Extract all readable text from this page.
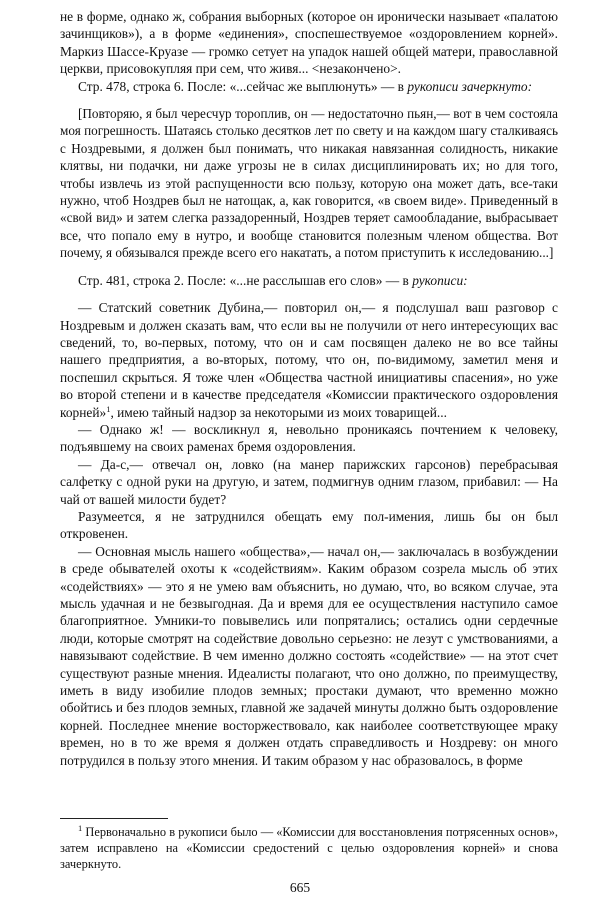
не в форме, однако ж, собрания выборных (которое он иронически называет «палатою зачинщиков»), а в форме «единения», споспешествуемое «оздоровлением корней». Маркиз Шассе-Круазе — громко сетует на упадок нашей общей матери, православной церкви, присовокупляя при сем, что живя... <незакончено>.

Стр. 478, строка 6. После: «...сейчас же выплюнуть» — в рукописи зачеркнуто:

[Повторяю, я был чересчур тороплив, он — недостаточно пьян,— вот в чем состояла моя погрешность. Шатаясь столько десятков лет по свету и на каждом шагу сталкиваясь с Ноздревыми, я должен был понимать, что никакая навязанная солидность, никакие клятвы, ни подачки, ни даже угрозы не в силах дисциплинировать их; но для того, чтобы извлечь из этой распущенности всю пользу, которую она может дать, все-таки нужно, чтоб Ноздрев был не натощак, а, как говорится, «в своем виде». Приведенный в «свой вид» и затем слегка раззадоренный, Ноздрев теряет самообладание, выбрасывает все, что попало ему в нутро, и вообще становится полезным членом общества. Вот почему, я обязывался прежде всего его накатать, а потом приступить к исследованию...]

Стр. 481, строка 2. После: «...не расслышав его слов» — в рукописи:

— Статский советник Дубина,— повторил он,— я подслушал ваш разговор с Ноздревым и должен сказать вам, что если вы не получили от него интересующих вас сведений, то, во-первых, потому, что он и сам посвящен далеко не во все тайны нашего предприятия, а во-вторых, потому, что он, по-видимому, заметил меня и поспешил скрыться. Я тоже член «Общества частной инициативы спасения», но уже во второй степени и в качестве председателя «Комиссии практического оздоровления корней»$^1$, имею тайный надзор за некоторыми из моих товарищей...

— Однако ж! — воскликнул я, невольно проникаясь почтением к человеку, подъявшему на своих раменах бремя оздоровления.

— Да-с,— отвечал он, ловко (на манер парижских гарсонов) перебрасывая салфетку с одной руки на другую, и затем, подмигнув одним глазом, прибавил: — На чай от вашей милости будет?

Разумеется, я не затруднился обещать ему пол-имения, лишь бы он был откровенен.

— Основная мысль нашего «общества»,— начал он,— заключалась в возбуждении в среде обывателей охоты к «содействиям». Каким образом созрела мысль об этих «содействиях» — это я не умею вам объяснить, но думаю, что, во всяком случае, эта мысль удачная и не безвыгодная. Да и время для ее осуществления наступило самое благоприятное. Умники-то повывелись или попрятались; остались одни сердечные люди, которые смотрят на содействие довольно серьезно: не лезут с умствованиями, а навязывают содействие. В чем именно должно состоять «содействие» — на этот счет существуют разные мнения. Идеалисты полагают, что оно должно, по преимуществу, иметь в виду изобилие плодов земных; простаки думают, что временно можно обойтись и без плодов земных, главной же задачей минуты должно быть оздоровление корней. Последнее мнение восторжествовало, как наиболее соответствующее мраку времен, но в то же время я должен отдать справедливость и Ноздреву: он много потрудился в пользу этого мнения. И таким образом у нас образовалось, в форме

$^1$ Первоначально в рукописи было — «Комиссии для восстановления потрясенных основ», затем исправлено на «Комиссии средостений с целью оздоровления корней» и снова зачеркнуто.

665
